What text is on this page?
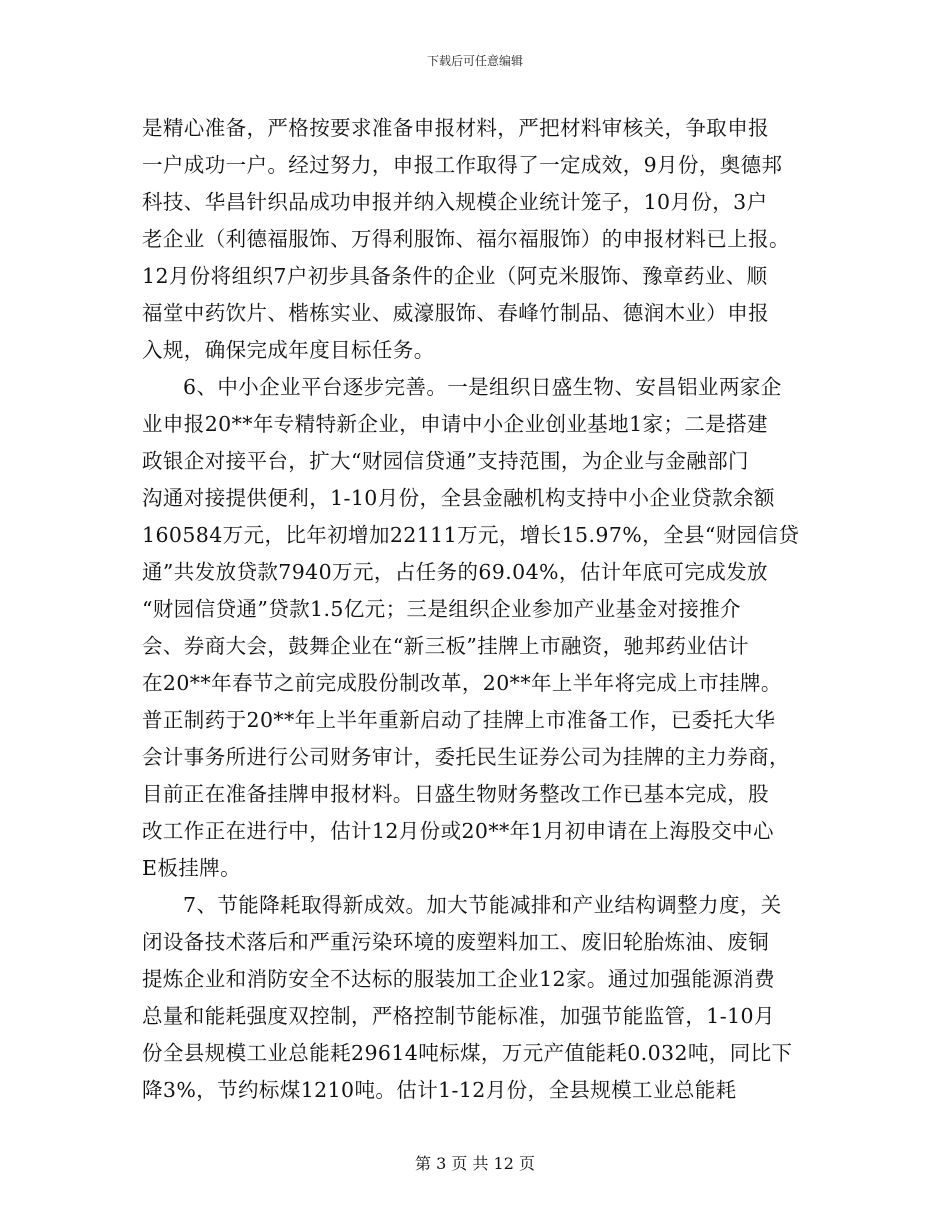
下载后可任意编辑
是精心准备，严格按要求准备申报材料，严把材料审核关，争取申报
一户成功一户。经过努力，申报工作取得了一定成效，9月份，奥德邦
科技、华昌针织品成功申报并纳入规模企业统计笼子，10月份，3户
老企业（利德福服饰、万得利服饰、福尔福服饰）的申报材料已上报。
12月份将组织7户初步具备条件的企业（阿克米服饰、豫章药业、顺
福堂中药饮片、楷栋实业、威濠服饰、春峰竹制品、德润木业）申报
入规，确保完成年度目标任务。
6、中小企业平台逐步完善。一是组织日盛生物、安昌铝业两家企
业申报20**年专精特新企业，申请中小企业创业基地1家；二是搭建
政银企对接平台，扩大“财园信贷通”支持范围，为企业与金融部门
沟通对接提供便利，1-10月份，全县金融机构支持中小企业贷款余额
160584万元，比年初增加22111万元，增长15.97%，全县“财园信贷
通”共发放贷款7940万元，占任务的69.04%，估计年底可完成发放
“财园信贷通”贷款1.5亿元；三是组织企业参加产业基金对接推介
会、券商大会，鼓舞企业在“新三板”挂牌上市融资，驰邦药业估计
在20**年春节之前完成股份制改革，20**年上半年将完成上市挂牌。
普正制药于20**年上半年重新启动了挂牌上市准备工作，已委托大华
会计事务所进行公司财务审计，委托民生证券公司为挂牌的主力券商，
目前正在准备挂牌申报材料。日盛生物财务整改工作已基本完成，股
改工作正在进行中，估计12月份或20**年1月初申请在上海股交中心
E板挂牌。
7、节能降耗取得新成效。加大节能减排和产业结构调整力度，关
闭设备技术落后和严重污染环境的废塑料加工、废旧轮胎炼油、废铜
提炼企业和消防安全不达标的服装加工企业12家。通过加强能源消费
总量和能耗强度双控制，严格控制节能标准，加强节能监管，1-10月
份全县规模工业总能耗29614吨标煤，万元产值能耗0.032吨，同比下
降3%，节约标煤1210吨。估计1-12月份，全县规模工业总能耗
第 3 页 共 12 页
